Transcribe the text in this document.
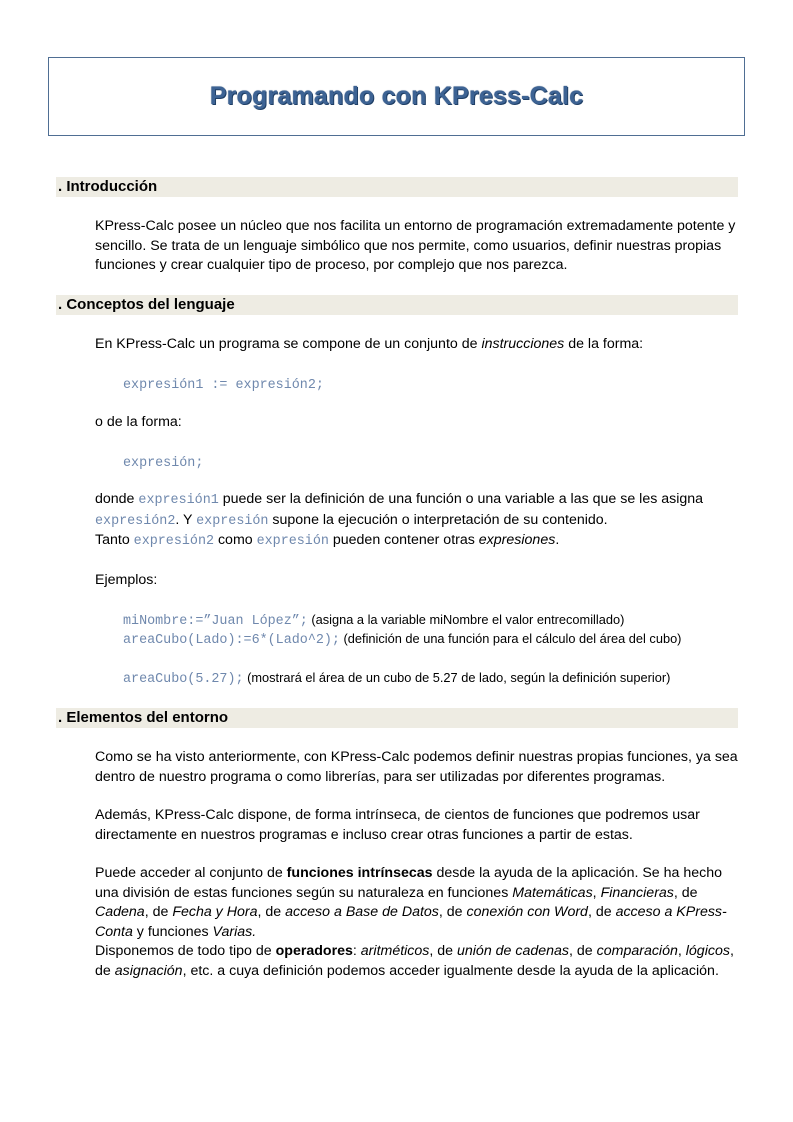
Programando con KPress-Calc
. Introducción

KPress-Calc posee un núcleo que nos facilita un entorno de programación extremadamente potente y sencillo. Se trata de un lenguaje simbólico que nos permite, como usuarios, definir nuestras propias funciones y crear cualquier tipo de proceso, por complejo que nos parezca.

. Conceptos del lenguaje

En KPress-Calc un programa se compone de un conjunto de instrucciones de la forma:

expresión1 := expresión2;

o de la forma:

expresión;

donde expresión1 puede ser la definición de una función o una variable a las que se les asigna expresión2. Y expresión supone la ejecución o interpretación de su contenido.
Tanto expresión2 como expresión pueden contener otras expresiones.

Ejemplos:

miNombre:=”Juan López”; (asigna a la variable miNombre el valor entrecomillado)
areaCubo(Lado):=6*(Lado^2); (definición de una función para el cálculo del área del cubo)
areaCubo(5.27); (mostrará el área de un cubo de 5.27 de lado, según la definición superior)
. Elementos del entorno

Como se ha visto anteriormente, con KPress-Calc podemos definir nuestras propias funciones, ya sea dentro de nuestro programa o como librerías, para ser utilizadas por diferentes programas.

Además, KPress-Calc dispone, de forma intrínseca, de cientos de funciones que podremos usar directamente en nuestros programas e incluso crear otras funciones a partir de estas.

Puede acceder al conjunto de funciones intrínsecas desde la ayuda de la aplicación. Se ha hecho una división de estas funciones según su naturaleza en funciones Matemáticas, Financieras, de Cadena, de Fecha y Hora, de acceso a Base de Datos, de conexión con Word, de acceso a KPress-Conta y funciones Varias.
Disponemos de todo tipo de operadores: aritméticos, de unión de cadenas, de comparación, lógicos, de asignación, etc. a cuya definición podemos acceder igualmente desde la ayuda de la aplicación.
